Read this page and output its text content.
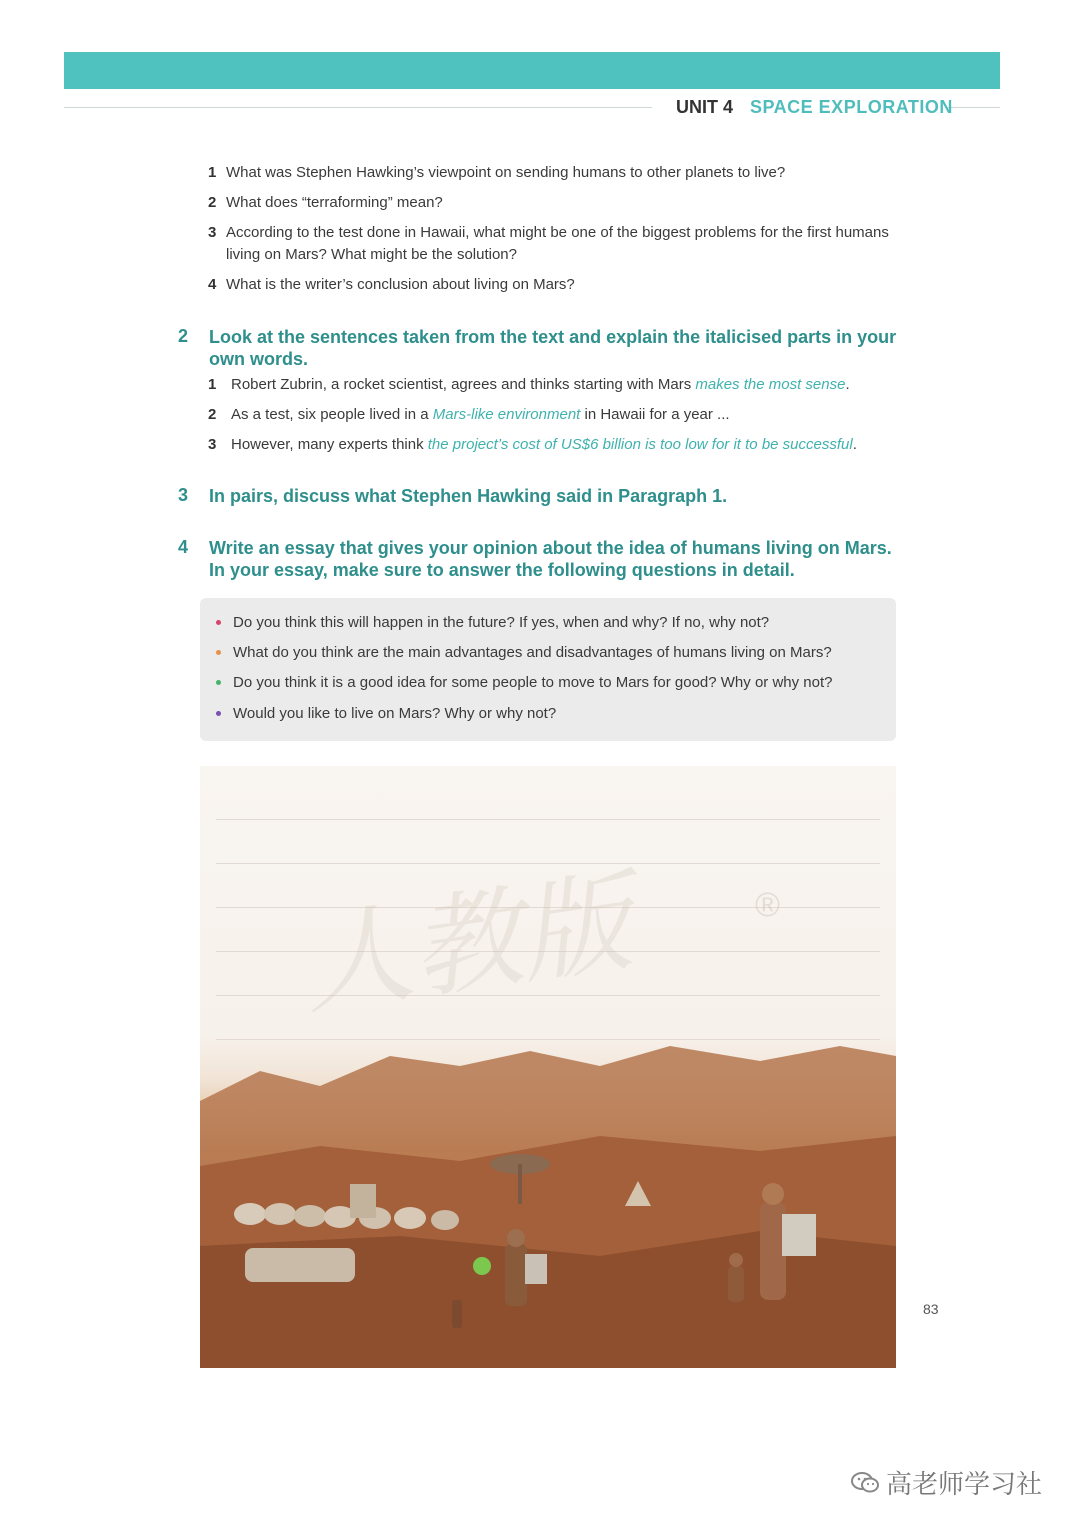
UNIT 4 SPACE EXPLORATION
1 What was Stephen Hawking’s viewpoint on sending humans to other planets to live?
2 What does “terraforming” mean?
3 According to the test done in Hawaii, what might be one of the biggest problems for the first humans living on Mars? What might be the solution?
4 What is the writer’s conclusion about living on Mars?
2 Look at the sentences taken from the text and explain the italicised parts in your own words.
1 Robert Zubrin, a rocket scientist, agrees and thinks starting with Mars makes the most sense.
2 As a test, six people lived in a Mars-like environment in Hawaii for a year ...
3 However, many experts think the project’s cost of US$6 billion is too low for it to be successful.
3 In pairs, discuss what Stephen Hawking said in Paragraph 1.
4 Write an essay that gives your opinion about the idea of humans living on Mars. In your essay, make sure to answer the following questions in detail.
Do you think this will happen in the future? If yes, when and why? If no, why not?
What do you think are the main advantages and disadvantages of humans living on Mars?
Do you think it is a good idea for some people to move to Mars for good? Why or why not?
Would you like to live on Mars? Why or why not?
人教版	®
83
高老师学习社
